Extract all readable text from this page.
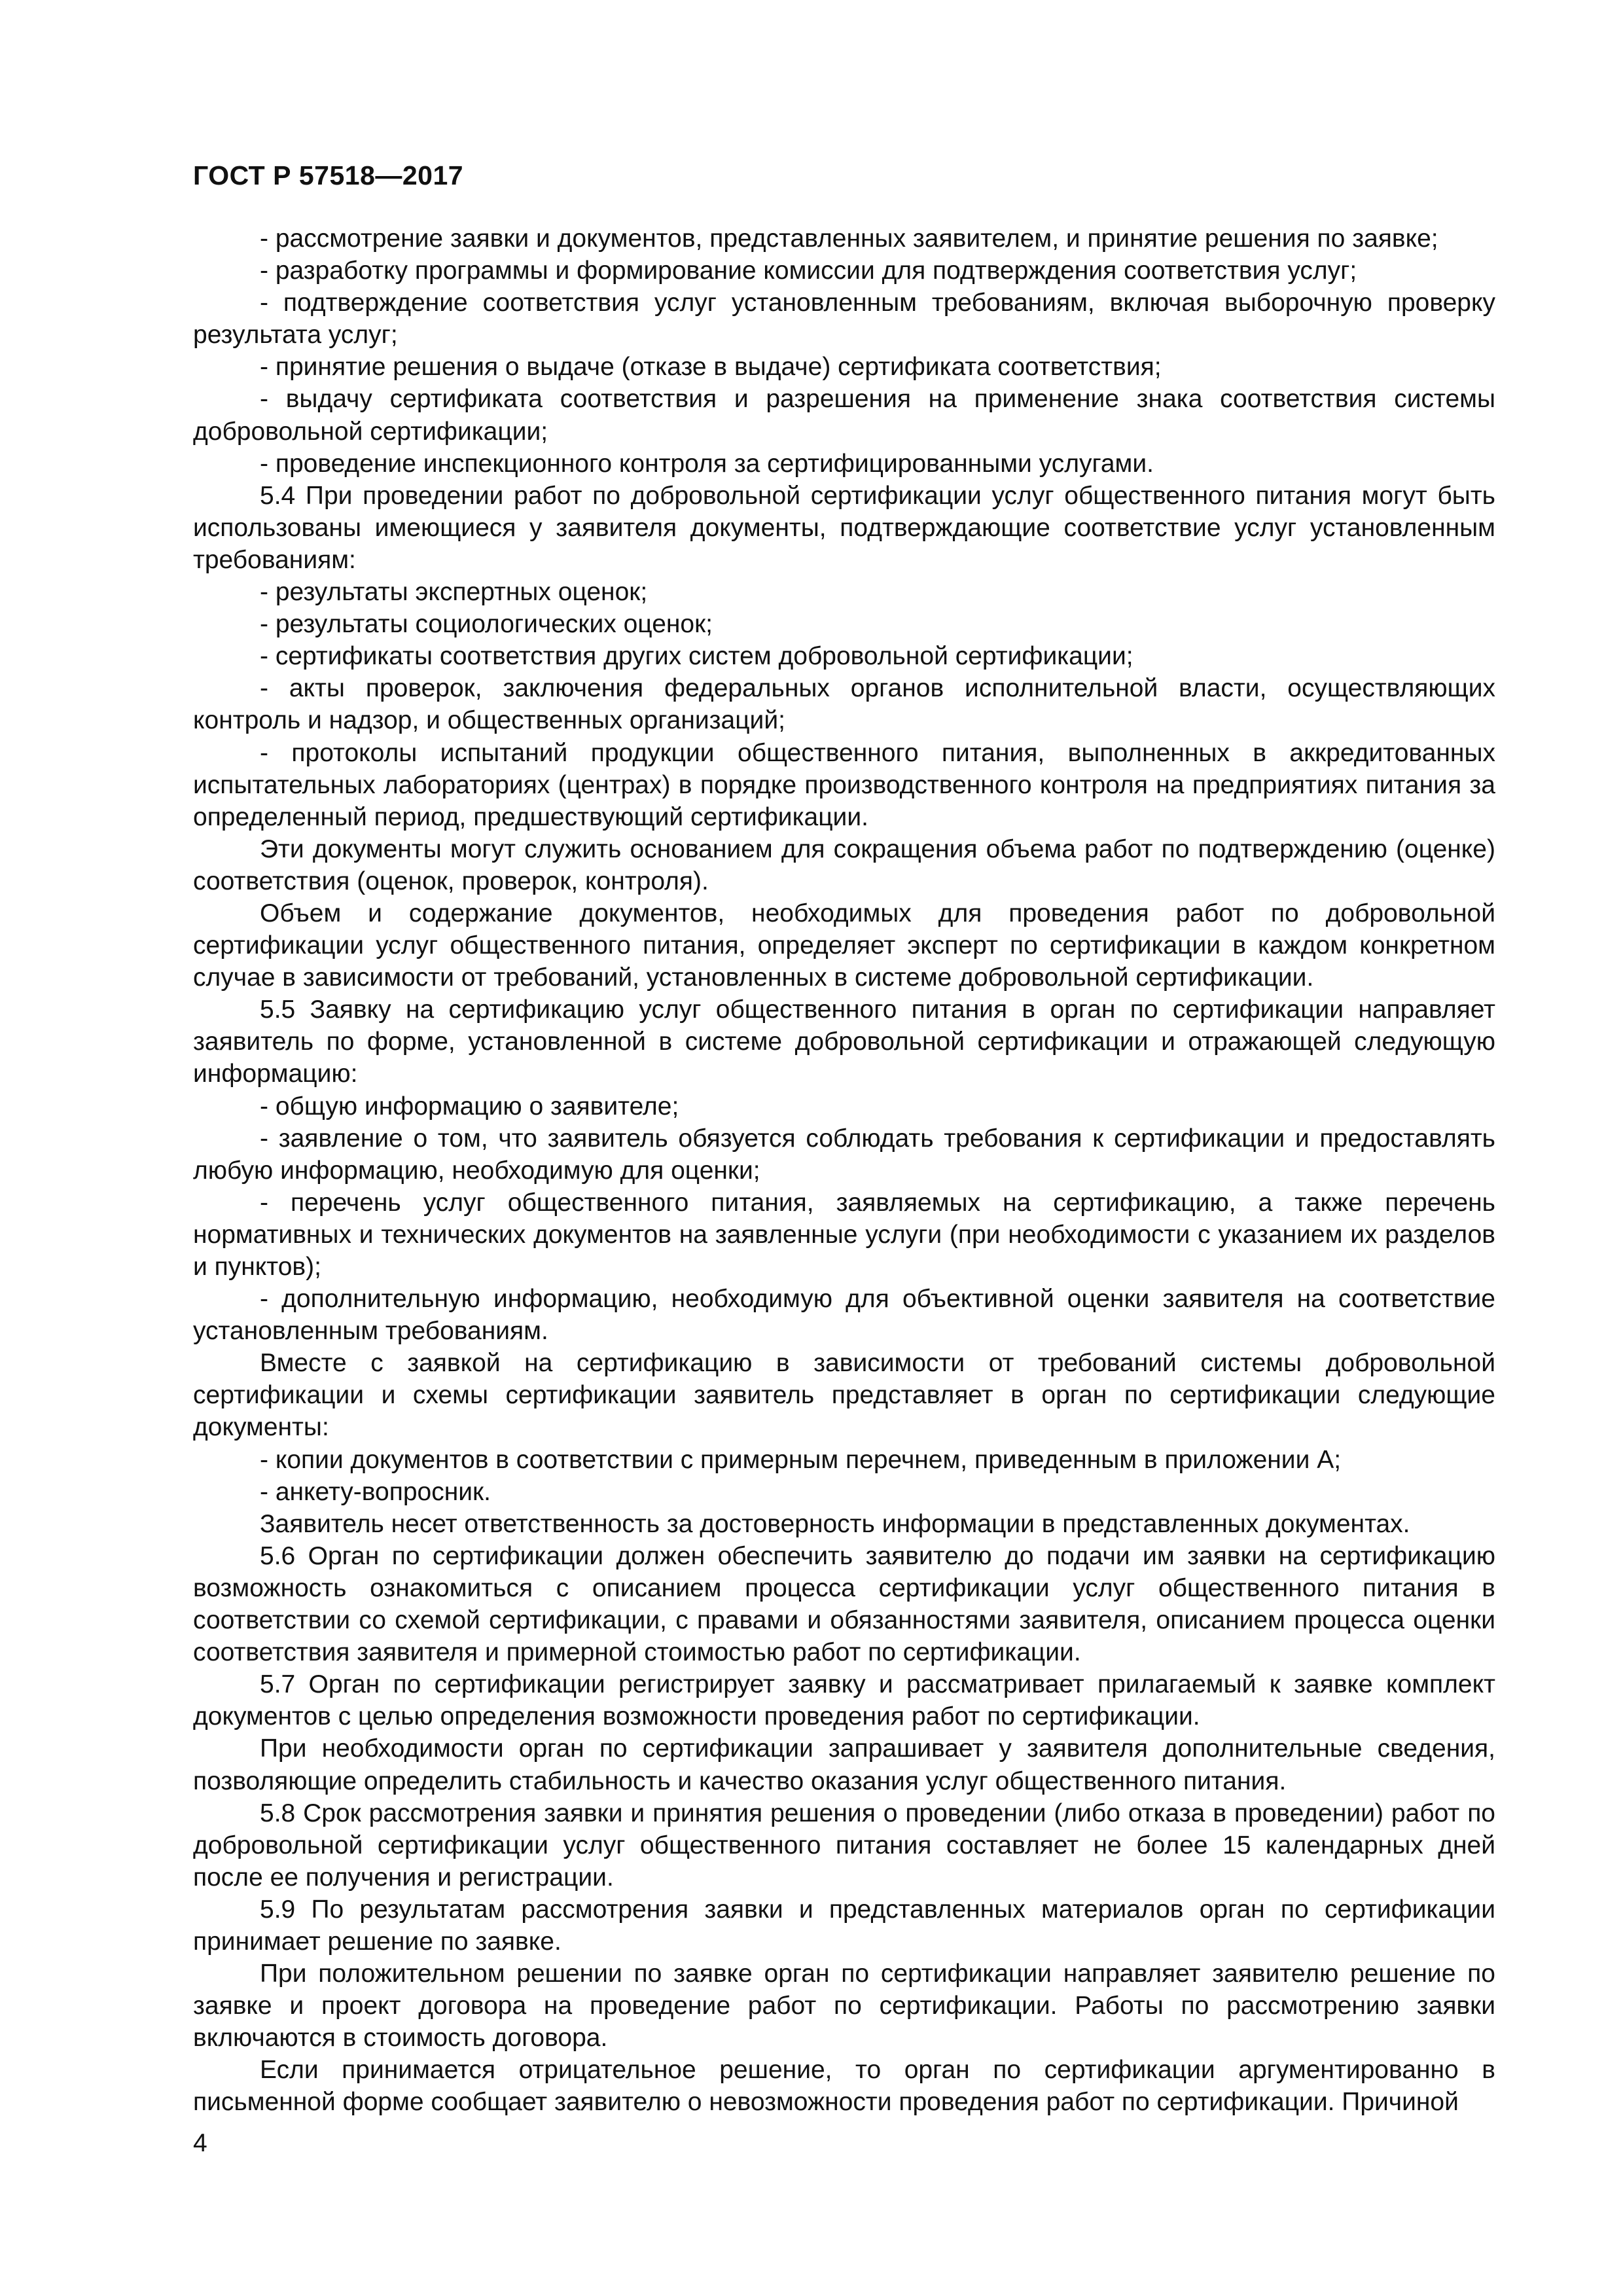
ГОСТ Р 57518—2017

- рассмотрение заявки и документов, представленных заявителем, и принятие решения по заявке;

- разработку программы и формирование комиссии для подтверждения соответствия услуг;

- подтверждение соответствия услуг установленным требованиям, включая выборочную проверку результата услуг;

- принятие решения о выдаче (отказе в выдаче) сертификата соответствия;

- выдачу сертификата соответствия и разрешения на применение знака соответствия системы добровольной сертификации;

- проведение инспекционного контроля за сертифицированными услугами.

5.4 При проведении работ по добровольной сертификации услуг общественного питания могут быть использованы имеющиеся у заявителя документы, подтверждающие соответствие услуг установленным требованиям:

- результаты экспертных оценок;

- результаты социологических оценок;

- сертификаты соответствия других систем добровольной сертификации;

- акты проверок, заключения федеральных органов исполнительной власти, осуществляющих контроль и надзор, и общественных организаций;

- протоколы испытаний продукции общественного питания, выполненных в аккредитованных испытательных лабораториях (центрах) в порядке производственного контроля на предприятиях питания за определенный период, предшествующий сертификации.

Эти документы могут служить основанием для сокращения объема работ по подтверждению (оценке) соответствия (оценок, проверок, контроля).

Объем и содержание документов, необходимых для проведения работ по добровольной сертификации услуг общественного питания, определяет эксперт по сертификации в каждом конкретном случае в зависимости от требований, установленных в системе добровольной сертификации.

5.5 Заявку на сертификацию услуг общественного питания в орган по сертификации направляет заявитель по форме, установленной в системе добровольной сертификации и отражающей следующую информацию:

- общую информацию о заявителе;

- заявление о том, что заявитель обязуется соблюдать требования к сертификации и предоставлять любую информацию, необходимую для оценки;

- перечень услуг общественного питания, заявляемых на сертификацию, а также перечень нормативных и технических документов на заявленные услуги (при необходимости с указанием их разделов и пунктов);

- дополнительную информацию, необходимую для объективной оценки заявителя на соответствие установленным требованиям.

Вместе с заявкой на сертификацию в зависимости от требований системы добровольной сертификации и схемы сертификации заявитель представляет в орган по сертификации следующие документы:

- копии документов в соответствии с примерным перечнем, приведенным в приложении А;

- анкету-вопросник.

Заявитель несет ответственность за достоверность информации в представленных документах.

5.6 Орган по сертификации должен обеспечить заявителю до подачи им заявки на сертификацию возможность ознакомиться с описанием процесса сертификации услуг общественного питания в соответствии со схемой сертификации, с правами и обязанностями заявителя, описанием процесса оценки соответствия заявителя и примерной стоимостью работ по сертификации.

5.7 Орган по сертификации регистрирует заявку и рассматривает прилагаемый к заявке комплект документов с целью определения возможности проведения работ по сертификации.

При необходимости орган по сертификации запрашивает у заявителя дополнительные сведения, позволяющие определить стабильность и качество оказания услуг общественного питания.

5.8 Срок рассмотрения заявки и принятия решения о проведении (либо отказа в проведении) работ по добровольной сертификации услуг общественного питания составляет не более 15 календарных дней после ее получения и регистрации.

5.9 По результатам рассмотрения заявки и представленных материалов орган по сертификации принимает решение по заявке.

При положительном решении по заявке орган по сертификации направляет заявителю решение по заявке и проект договора на проведение работ по сертификации. Работы по рассмотрению заявки включаются в стоимость договора.

Если принимается отрицательное решение, то орган по сертификации аргументированно в письменной форме сообщает заявителю о невозможности проведения работ по сертификации. Причиной

4
